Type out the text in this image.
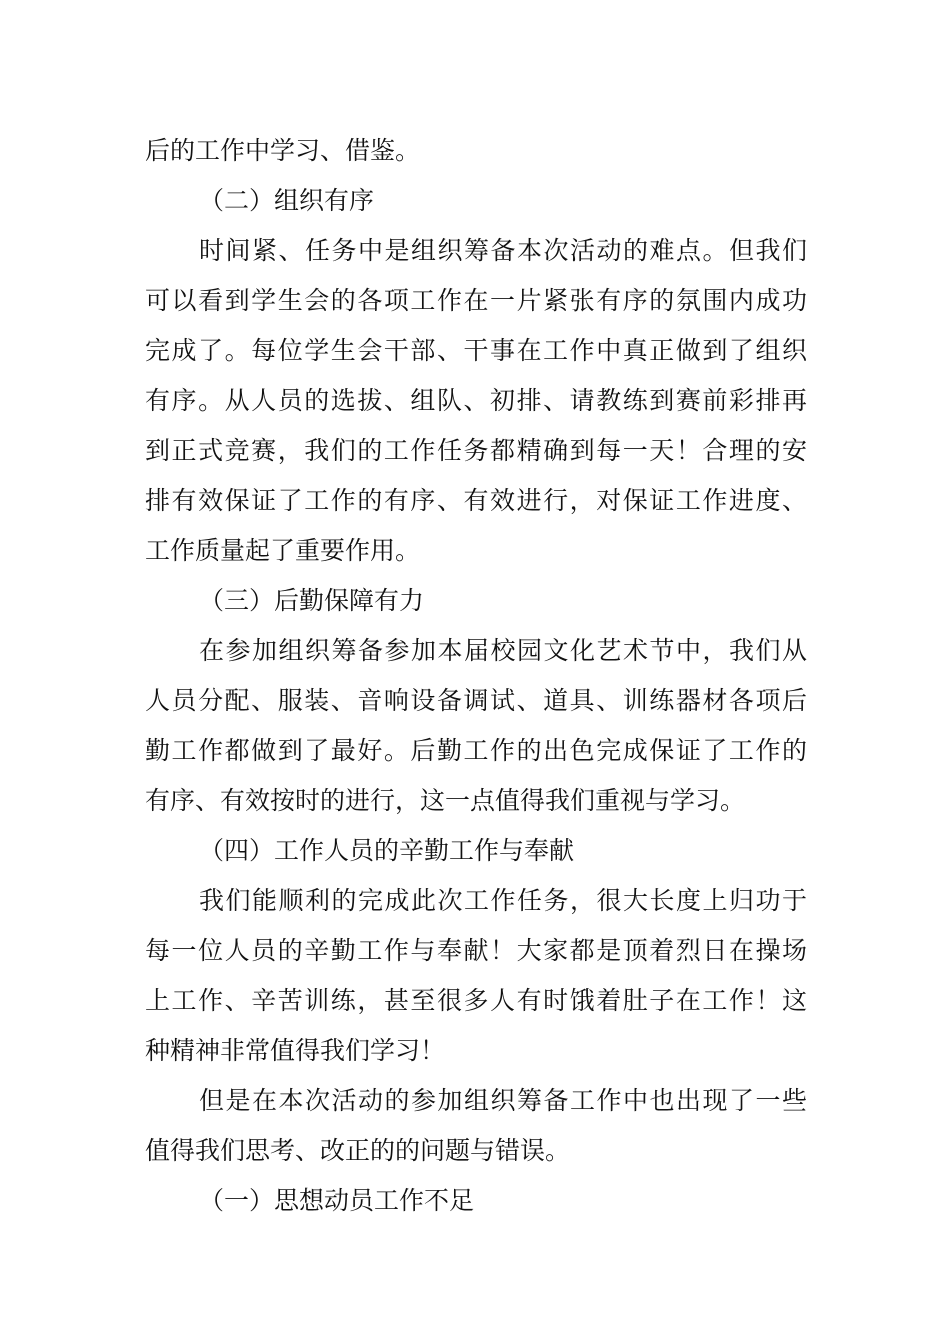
后的工作中学习、借鉴。
（二）组织有序
时间紧、任务中是组织筹备本次活动的难点。但我们
可以看到学生会的各项工作在一片紧张有序的氛围内成功
完成了。每位学生会干部、干事在工作中真正做到了组织
有序。从人员的选拔、组队、初排、请教练到赛前彩排再
到正式竞赛，我们的工作任务都精确到每一天！合理的安
排有效保证了工作的有序、有效进行，对保证工作进度、
工作质量起了重要作用。
（三）后勤保障有力
在参加组织筹备参加本届校园文化艺术节中，我们从
人员分配、服装、音响设备调试、道具、训练器材各项后
勤工作都做到了最好。后勤工作的出色完成保证了工作的
有序、有效按时的进行，这一点值得我们重视与学习。
（四）工作人员的辛勤工作与奉献
我们能顺利的完成此次工作任务，很大长度上归功于
每一位人员的辛勤工作与奉献！大家都是顶着烈日在操场
上工作、辛苦训练，甚至很多人有时饿着肚子在工作！这
种精神非常值得我们学习！
但是在本次活动的参加组织筹备工作中也出现了一些
值得我们思考、改正的的问题与错误。
（一）思想动员工作不足
